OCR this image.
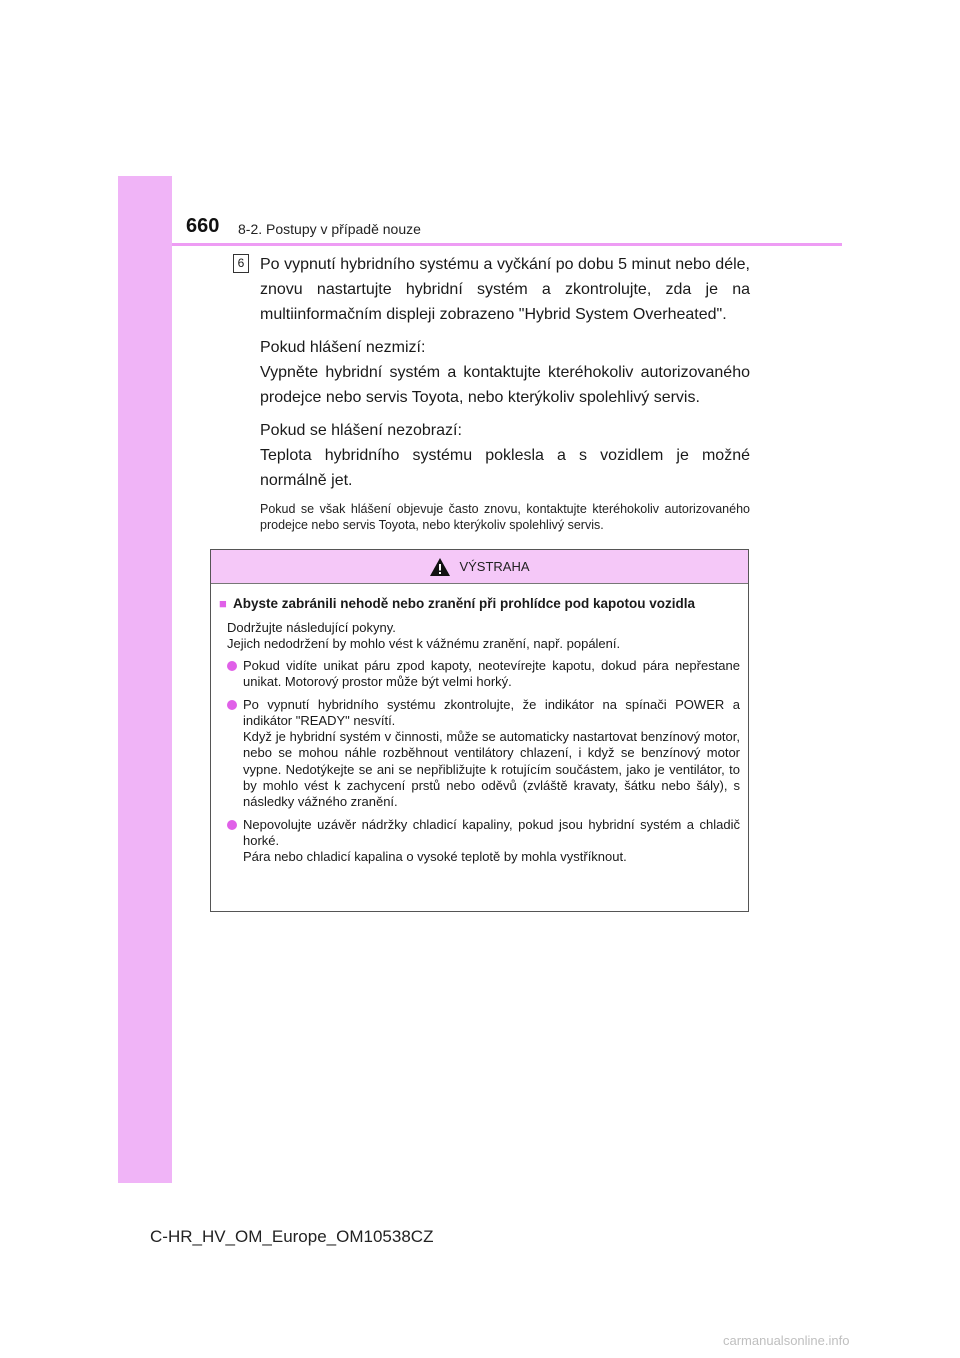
660 8-2. Postupy v případě nouze
6 Po vypnutí hybridního systému a vyčkání po dobu 5 minut nebo déle, znovu nastartujte hybridní systém a zkontrolujte, zda je na multiinformačním displeji zobrazeno "Hybrid System Overheated".

Pokud hlášení nezmizí:
Vypněte hybridní systém a kontaktujte kteréhokoliv autorizovaného prodejce nebo servis Toyota, nebo kterýkoliv spolehlivý servis.

Pokud se hlášení nezobrazí:
Teplota hybridního systému poklesla a s vozidlem je možné normálně jet.

Pokud se však hlášení objevuje často znovu, kontaktujte kteréhokoliv autorizovaného prodejce nebo servis Toyota, nebo kterýkoliv spolehlivý servis.

VÝSTRAHA
■ Abyste zabránili nehodě nebo zranění při prohlídce pod kapotou vozidla
Dodržujte následující pokyny.
Jejich nedodržení by mohlo vést k vážnému zranění, např. popálení.
Pokud vidíte unikat páru zpod kapoty, neotevírejte kapotu, dokud pára nepřestane unikat. Motorový prostor může být velmi horký.
Po vypnutí hybridního systému zkontrolujte, že indikátor na spínači POWER a indikátor "READY" nesvítí.
Když je hybridní systém v činnosti, může se automaticky nastartovat benzínový motor, nebo se mohou náhle rozběhnout ventilátory chlazení, i když se benzínový motor vypne. Nedotýkejte se ani se nepřibližujte k rotujícím součástem, jako je ventilátor, to by mohlo vést k zachycení prstů nebo oděvů (zvláště kravaty, šátku nebo šály), s následky vážného zranění.
Nepovolujte uzávěr nádržky chladicí kapaliny, pokud jsou hybridní systém a chladič horké.
Pára nebo chladicí kapalina o vysoké teplotě by mohla vystříknout.
C-HR_HV_OM_Europe_OM10538CZ
carmanualsonline.info
